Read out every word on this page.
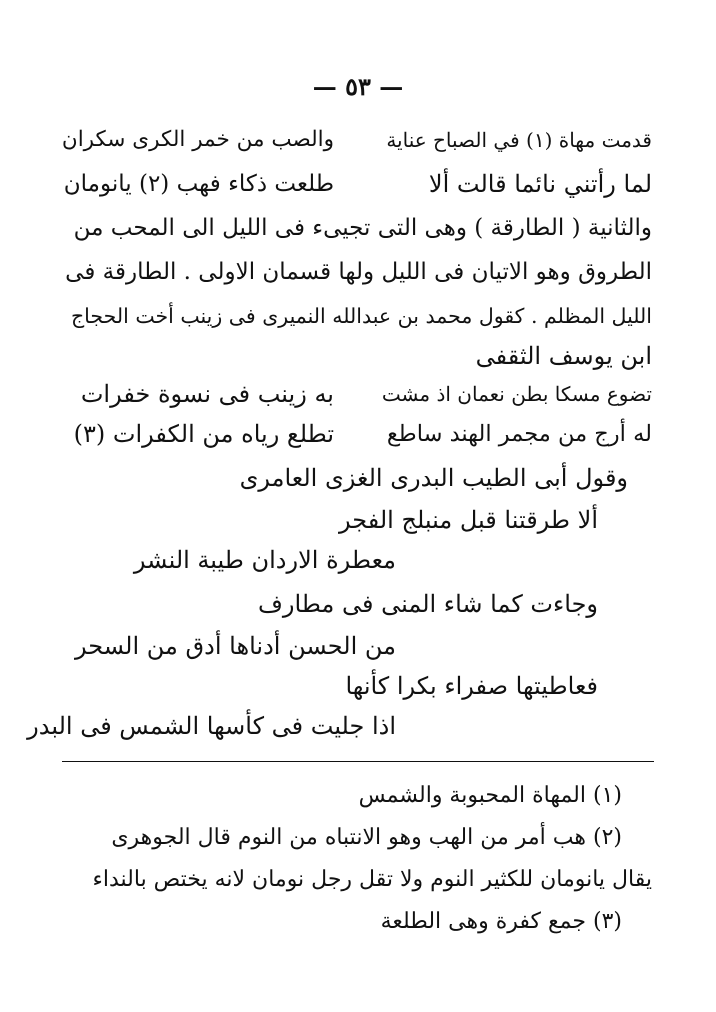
— ٥٣ —
قدمت مهاة (١) في الصباح عناية
والصب من خمر الكرى سكران
لما رأتني نائما قالت ألا
طلعت ذكاء فهب (٢) يانومان
والثانية ( الطارقة ) وهى التى تجيىء فى الليل الى المحب من
الطروق وهو الاتيان فى الليل ولها قسمان الاولى . الطارقة فى
الليل المظلم . كقول محمد بن عبدالله النميرى فى زينب أخت الحجاج
ابن يوسف الثقفى
تضوع مسكا بطن نعمان اذ مشت
به زينب فى نسوة خفرات
له أرج من مجمر الهند ساطع
تطلع رياه من الكفرات (٣)
وقول أبى الطيب البدرى الغزى العامرى
ألا طرقتنا قبل منبلج الفجر
معطرة الاردان طيبة النشر
وجاءت كما شاء المنى فى مطارف
من الحسن أدناها أدق من السحر
فعاطيتها صفراء بكرا كأنها
اذا جليت فى كأسها الشمس فى البدر
(١) المهاة المحبوبة والشمس
(٢) هب أمر من الهب وهو الانتباه من النوم قال الجوهرى
يقال يانومان للكثير النوم ولا تقل رجل نومان لانه يختص بالنداء
(٣) جمع كفرة وهى الطلعة
